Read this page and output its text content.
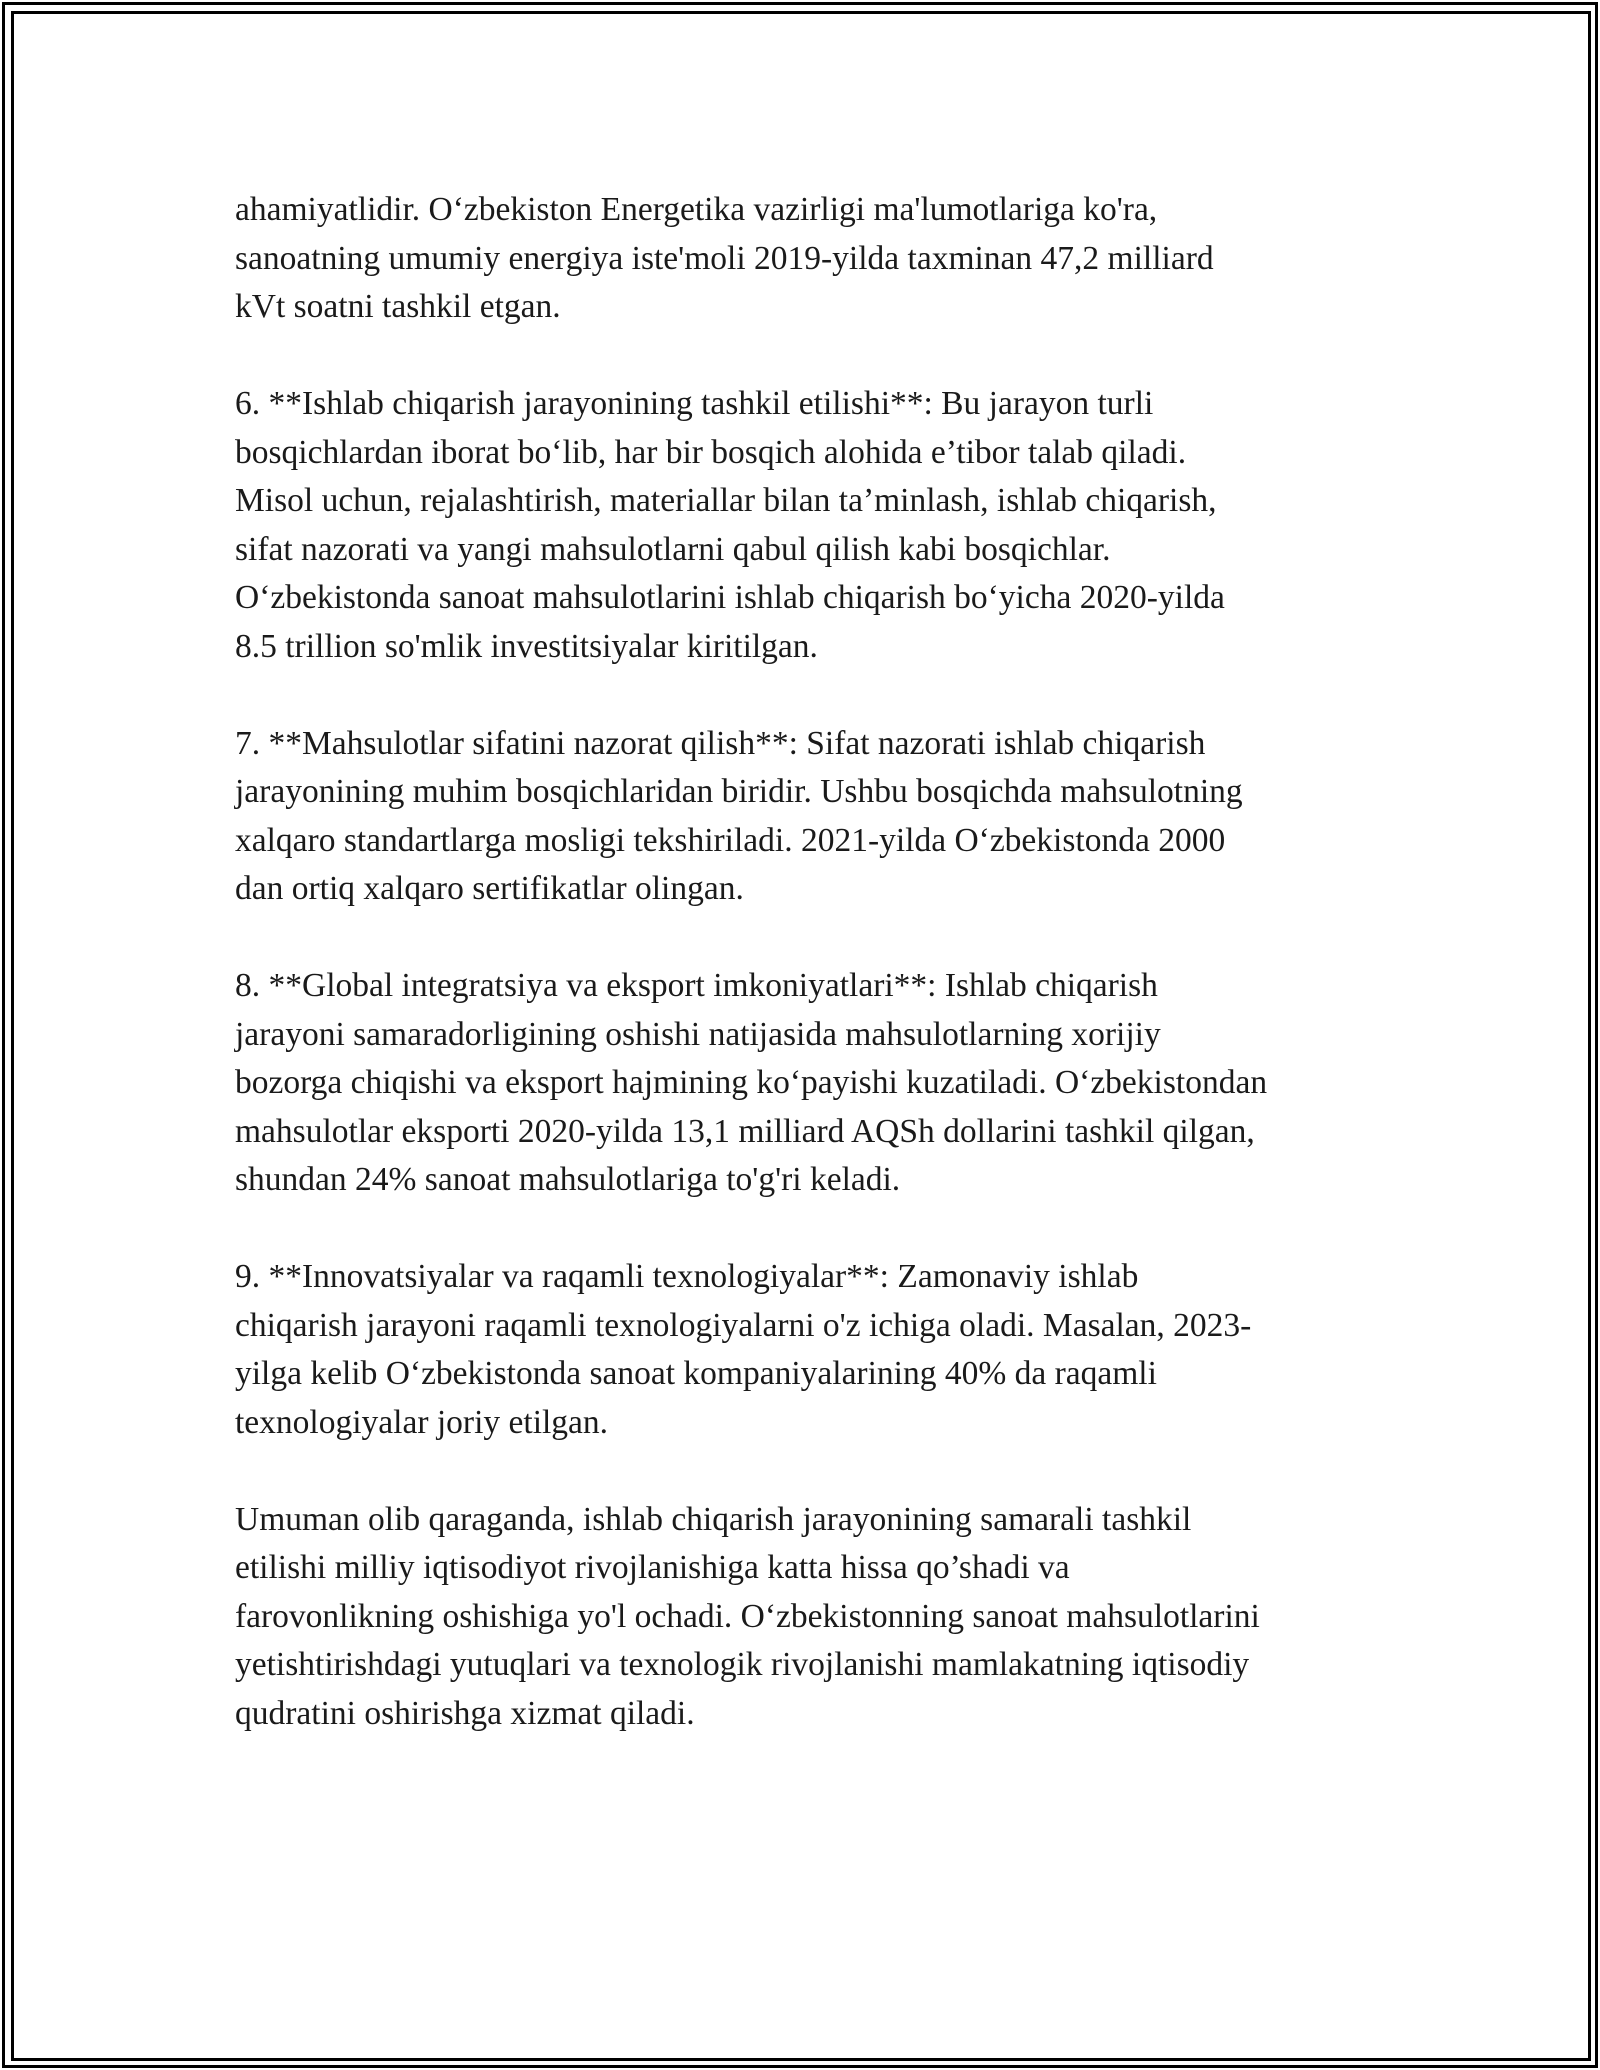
ahamiyatlidir. O‘zbekiston Energetika vazirligi ma'lumotlariga ko'ra,
sanoatning umumiy energiya iste'moli 2019-yilda taxminan 47,2 milliard
kVt soatni tashkil etgan.
6. **Ishlab chiqarish jarayonining tashkil etilishi**: Bu jarayon turli
bosqichlardan iborat bo‘lib, har bir bosqich alohida e’tibor talab qiladi.
Misol uchun, rejalashtirish, materiallar bilan ta’minlash, ishlab chiqarish,
sifat nazorati va yangi mahsulotlarni qabul qilish kabi bosqichlar.
O‘zbekistonda sanoat mahsulotlarini ishlab chiqarish bo‘yicha 2020-yilda
8.5 trillion so'mlik investitsiyalar kiritilgan.
7. **Mahsulotlar sifatini nazorat qilish**: Sifat nazorati ishlab chiqarish
jarayonining muhim bosqichlaridan biridir. Ushbu bosqichda mahsulotning
xalqaro standartlarga mosligi tekshiriladi. 2021-yilda O‘zbekistonda 2000
dan ortiq xalqaro sertifikatlar olingan.
8. **Global integratsiya va eksport imkoniyatlari**: Ishlab chiqarish
jarayoni samaradorligining oshishi natijasida mahsulotlarning xorijiy
bozorga chiqishi va eksport hajmining ko‘payishi kuzatiladi. O‘zbekistondan
mahsulotlar eksporti 2020-yilda 13,1 milliard AQSh dollarini tashkil qilgan,
shundan 24% sanoat mahsulotlariga to'g'ri keladi.
9. **Innovatsiyalar va raqamli texnologiyalar**: Zamonaviy ishlab
chiqarish jarayoni raqamli texnologiyalarni o'z ichiga oladi. Masalan, 2023-
yilga kelib O‘zbekistonda sanoat kompaniyalarining 40% da raqamli
texnologiyalar joriy etilgan.
Umuman olib qaraganda, ishlab chiqarish jarayonining samarali tashkil
etilishi milliy iqtisodiyot rivojlanishiga katta hissa qo’shadi va
farovonlikning oshishiga yo'l ochadi. O‘zbekistonning sanoat mahsulotlarini
yetishtirishdagi yutuqlari va texnologik rivojlanishi mamlakatning iqtisodiy
qudratini oshirishga xizmat qiladi.
